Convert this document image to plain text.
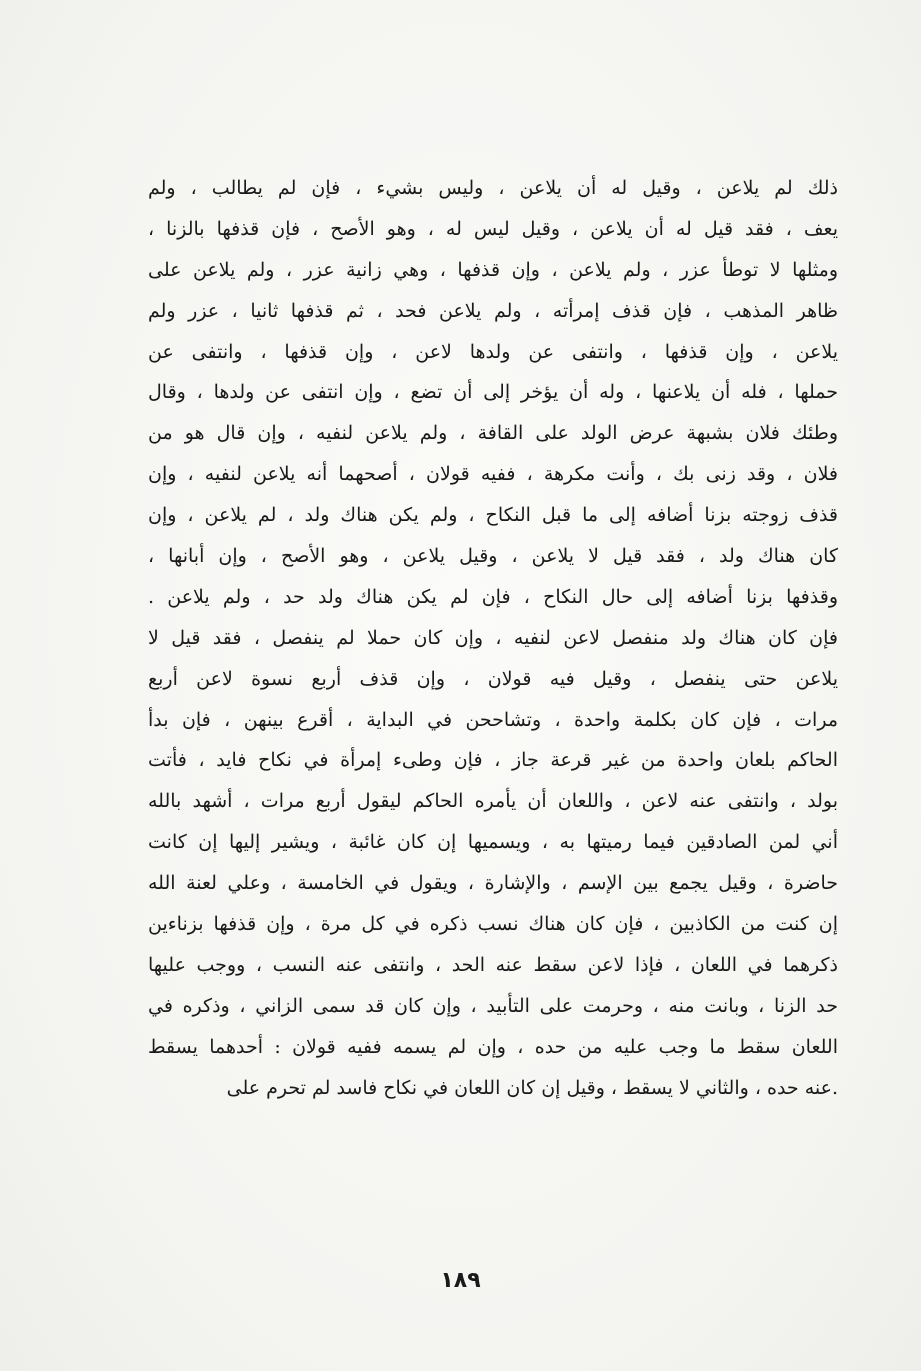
ذلك لم يلاعن ، وقيل له أن يلاعن ، وليس بشيء ، فإن لم يطالب ، ولم
يعف ، فقد قيل له أن يلاعن ، وقيل ليس له ، وهو الأصح ، فإن قذفها بالزنا ،
ومثلها لا توطأ عزر ، ولم يلاعن ، وإن قذفها ، وهي زانية عزر ، ولم يلاعن على
ظاهر المذهب ، فإن قذف إمرأته ، ولم يلاعن فحد ، ثم قذفها ثانيا ، عزر ولم
يلاعن ، وإن قذفها ، وانتفى عن ولدها لاعن ، وإن قذفها ، وانتفى عن
حملها ، فله أن يلاعنها ، وله أن يؤخر إلى أن تضع ، وإن انتفى عن ولدها ، وقال
وطئك فلان بشبهة عرض الولد على القافة ، ولم يلاعن لنفيه ، وإن قال هو من
فلان ، وقد زنى بك ، وأنت مكرهة ، ففيه قولان ، أصحهما أنه يلاعن لنفيه ، وإن
قذف زوجته بزنا أضافه إلى ما قبل النكاح ، ولم يكن هناك ولد ، لم يلاعن ، وإن
كان هناك ولد ، فقد قيل لا يلاعن ، وقيل يلاعن ، وهو الأصح ، وإن أبانها ،
وقذفها بزنا أضافه إلى حال النكاح ، فإن لم يكن هناك ولد حد ، ولم يلاعن .
فإن كان هناك ولد منفصل لاعن لنفيه ، وإن كان حملا لم ينفصل ، فقد قيل لا
يلاعن حتى ينفصل ، وقيل فيه قولان ، وإن قذف أربع نسوة لاعن أربع
مرات ، فإن كان بكلمة واحدة ، وتشاححن في البداية ، أقرع بينهن ، فإن بدأ
الحاكم بلعان واحدة من غير قرعة جاز ، فإن وطىء إمرأة في نكاح فايد ، فأتت
بولد ، وانتفى عنه لاعن ، واللعان أن يأمره الحاكم ليقول أربع مرات ، أشهد بالله
أني لمن الصادقين فيما رميتها به ، ويسميها إن كان غائبة ، ويشير إليها إن كانت
حاضرة ، وقيل يجمع بين الإسم ، والإشارة ، ويقول في الخامسة ، وعلي لعنة الله
إن كنت من الكاذبين ، فإن كان هناك نسب ذكره في كل مرة ، وإن قذفها بزناءين
ذكرهما في اللعان ، فإذا لاعن سقط عنه الحد ، وانتفى عنه النسب ، ووجب عليها
حد الزنا ، وبانت منه ، وحرمت على التأبيد ، وإن كان قد سمى الزاني ، وذكره في
اللعان سقط ما وجب عليه من حده ، وإن لم يسمه ففيه قولان : أحدهما يسقط
.عنه حده ، والثاني لا يسقط ، وقيل إن كان اللعان في نكاح فاسد لم تحرم على
١٨٩
